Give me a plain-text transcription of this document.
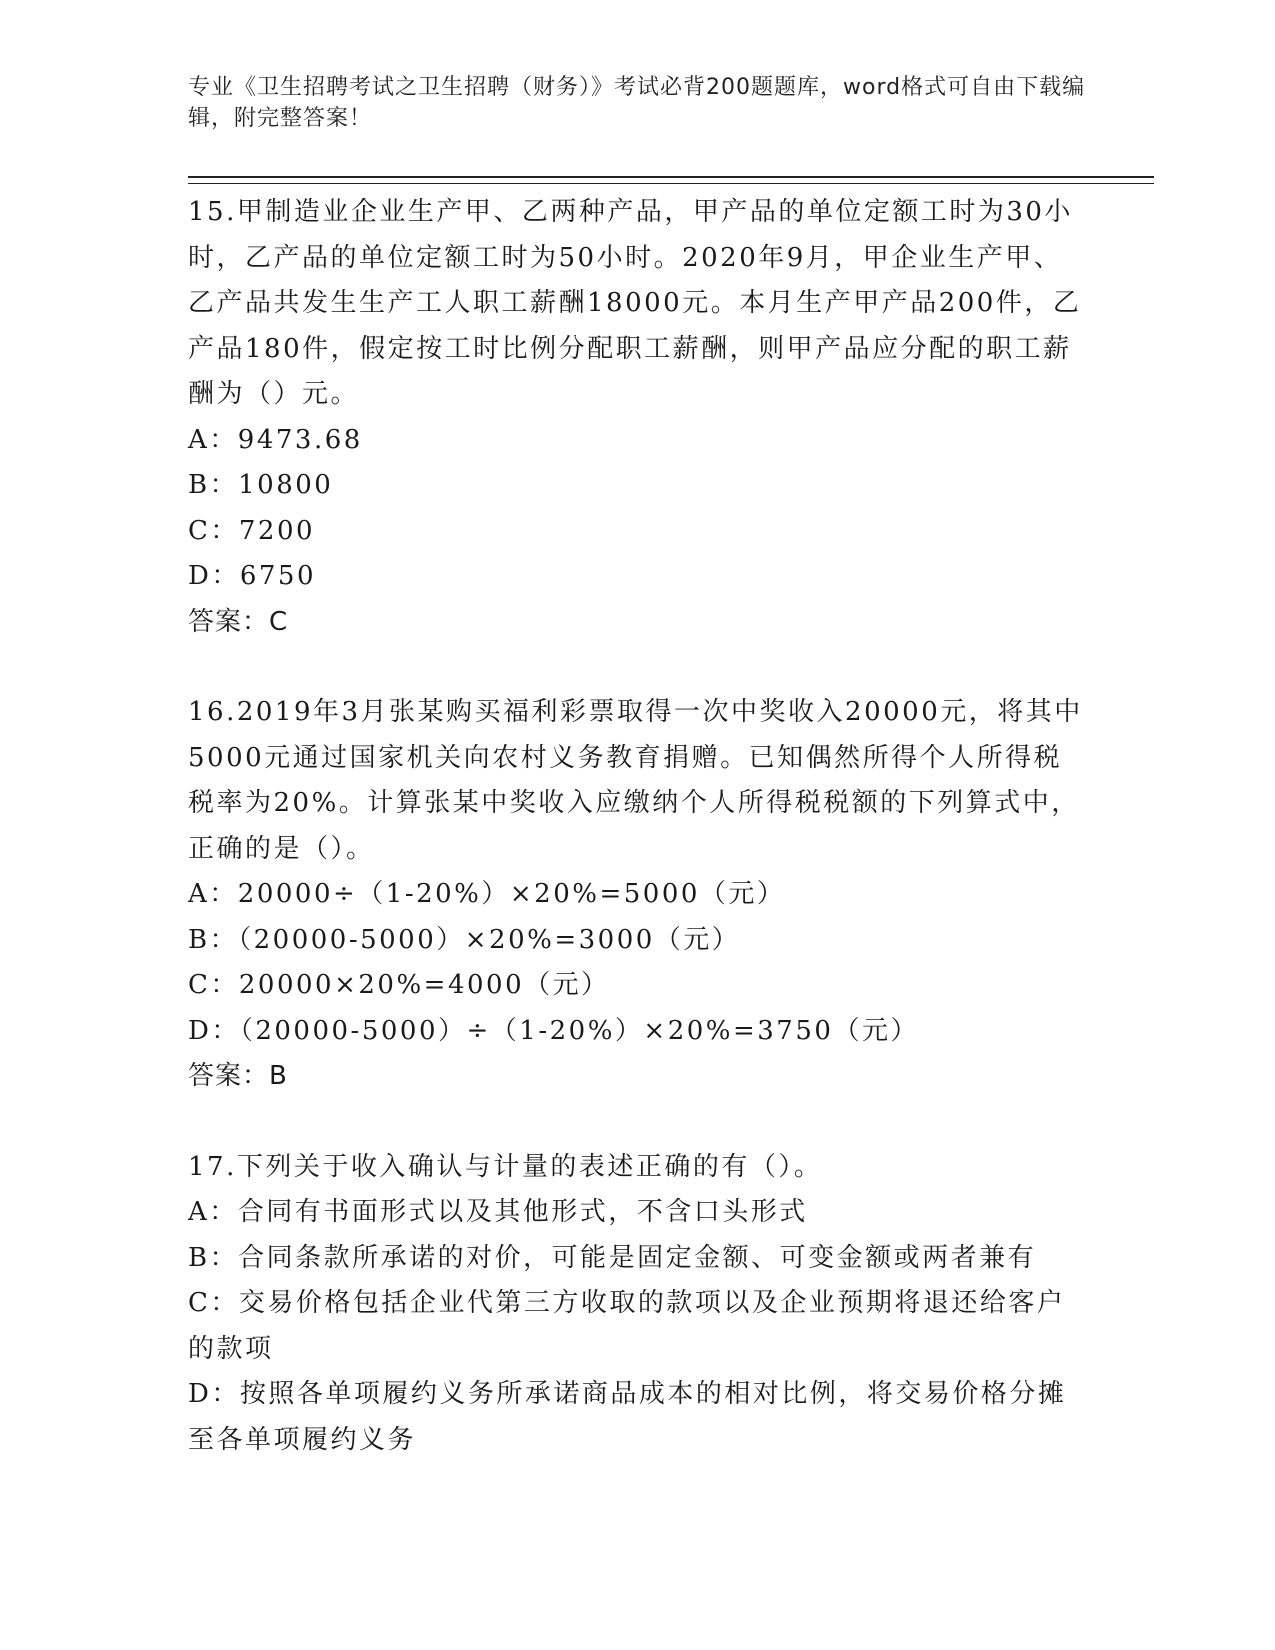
专业《卫生招聘考试之卫生招聘（财务）》考试必背200题题库，word格式可自由下载编辑，附完整答案！

15.甲制造业企业生产甲、乙两种产品，甲产品的单位定额工时为30小时，乙产品的单位定额工时为50小时。2020年9月，甲企业生产甲、乙产品共发生生产工人职工薪酬18000元。本月生产甲产品200件，乙产品180件，假定按工时比例分配职工薪酬，则甲产品应分配的职工薪酬为（）元。

A：9473.68

B：10800

C：7200

D：6750

答案：C

16.2019年3月张某购买福利彩票取得一次中奖收入20000元，将其中5000元通过国家机关向农村义务教育捐赠。已知偶然所得个人所得税税率为20%。计算张某中奖收入应缴纳个人所得税税额的下列算式中，正确的是（）。

A：20000÷（1-20%）×20%=5000（元）

B：（20000-5000）×20%=3000（元）

C：20000×20%=4000（元）

D：（20000-5000）÷（1-20%）×20%=3750（元）

答案：B

17.下列关于收入确认与计量的表述正确的有（）。

A：合同有书面形式以及其他形式，不含口头形式

B：合同条款所承诺的对价，可能是固定金额、可变金额或两者兼有

C：交易价格包括企业代第三方收取的款项以及企业预期将退还给客户的款项

D：按照各单项履约义务所承诺商品成本的相对比例，将交易价格分摊至各单项履约义务
